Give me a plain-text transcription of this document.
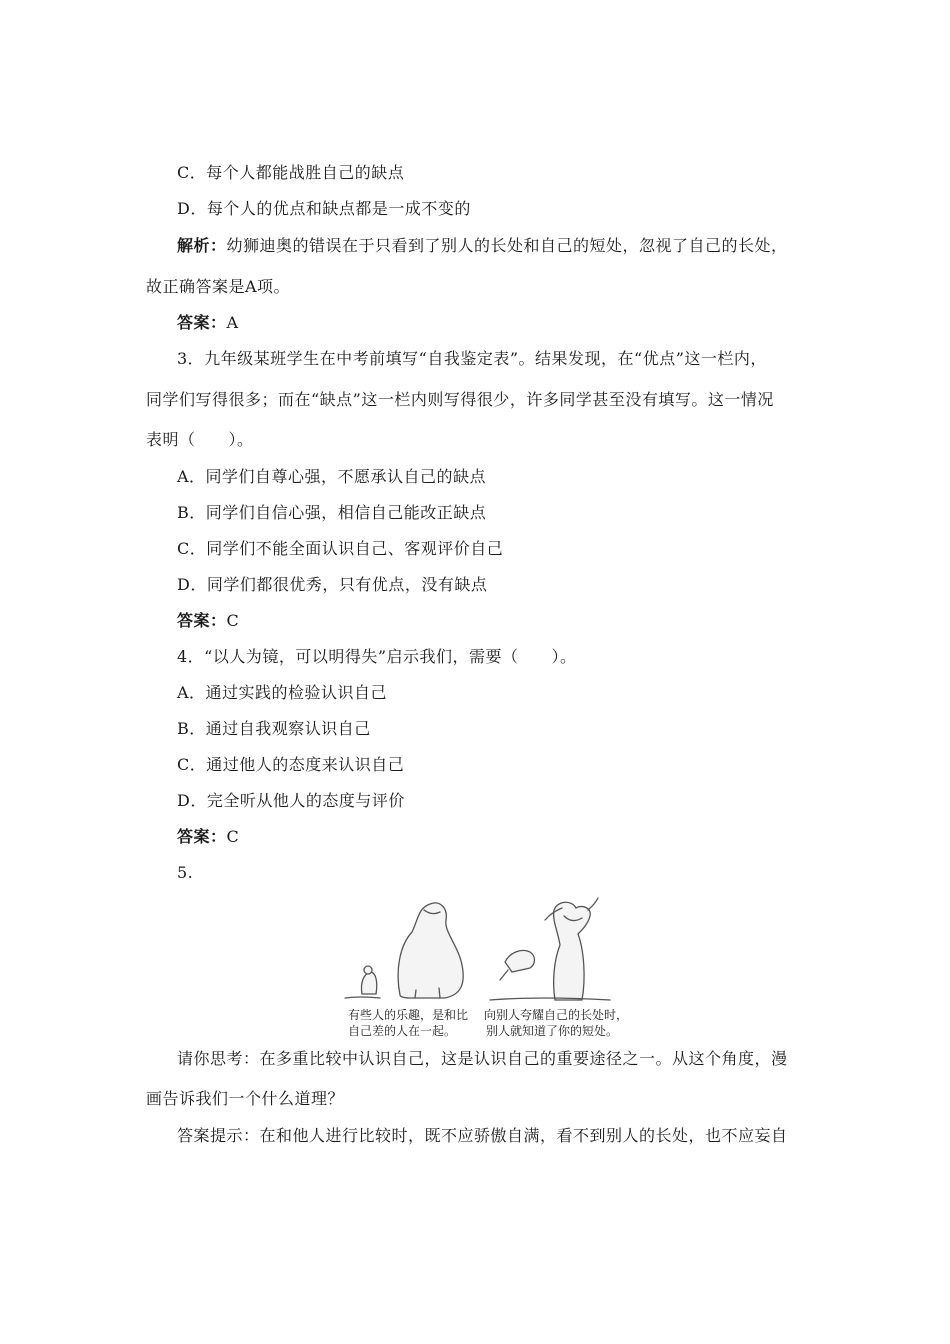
C．每个人都能战胜自己的缺点
D．每个人的优点和缺点都是一成不变的
解析：幼狮迪奥的错误在于只看到了别人的长处和自己的短处，忽视了自己的长处，
故正确答案是A项。
答案：A
3．九年级某班学生在中考前填写“自我鉴定表”。结果发现，在“优点”这一栏内，
同学们写得很多；而在“缺点”这一栏内则写得很少，许多同学甚至没有填写。这一情况
表明（　　）。
A．同学们自尊心强，不愿承认自己的缺点
B．同学们自信心强，相信自己能改正缺点
C．同学们不能全面认识自己、客观评价自己
D．同学们都很优秀，只有优点，没有缺点
答案：C
4．“以人为镜，可以明得失”启示我们，需要（　　）。
A．通过实践的检验认识自己
B．通过自我观察认识自己
C．通过他人的态度来认识自己
D．完全听从他人的态度与评价
答案：C
5.
有些人的乐趣，是和比
自己差的人在一起。
向别人夸耀自己的长处时，
别人就知道了你的短处。
请你思考：在多重比较中认识自己，这是认识自己的重要途径之一。从这个角度，漫
画告诉我们一个什么道理？
答案提示：在和他人进行比较时，既不应骄傲自满，看不到别人的长处，也不应妄自
